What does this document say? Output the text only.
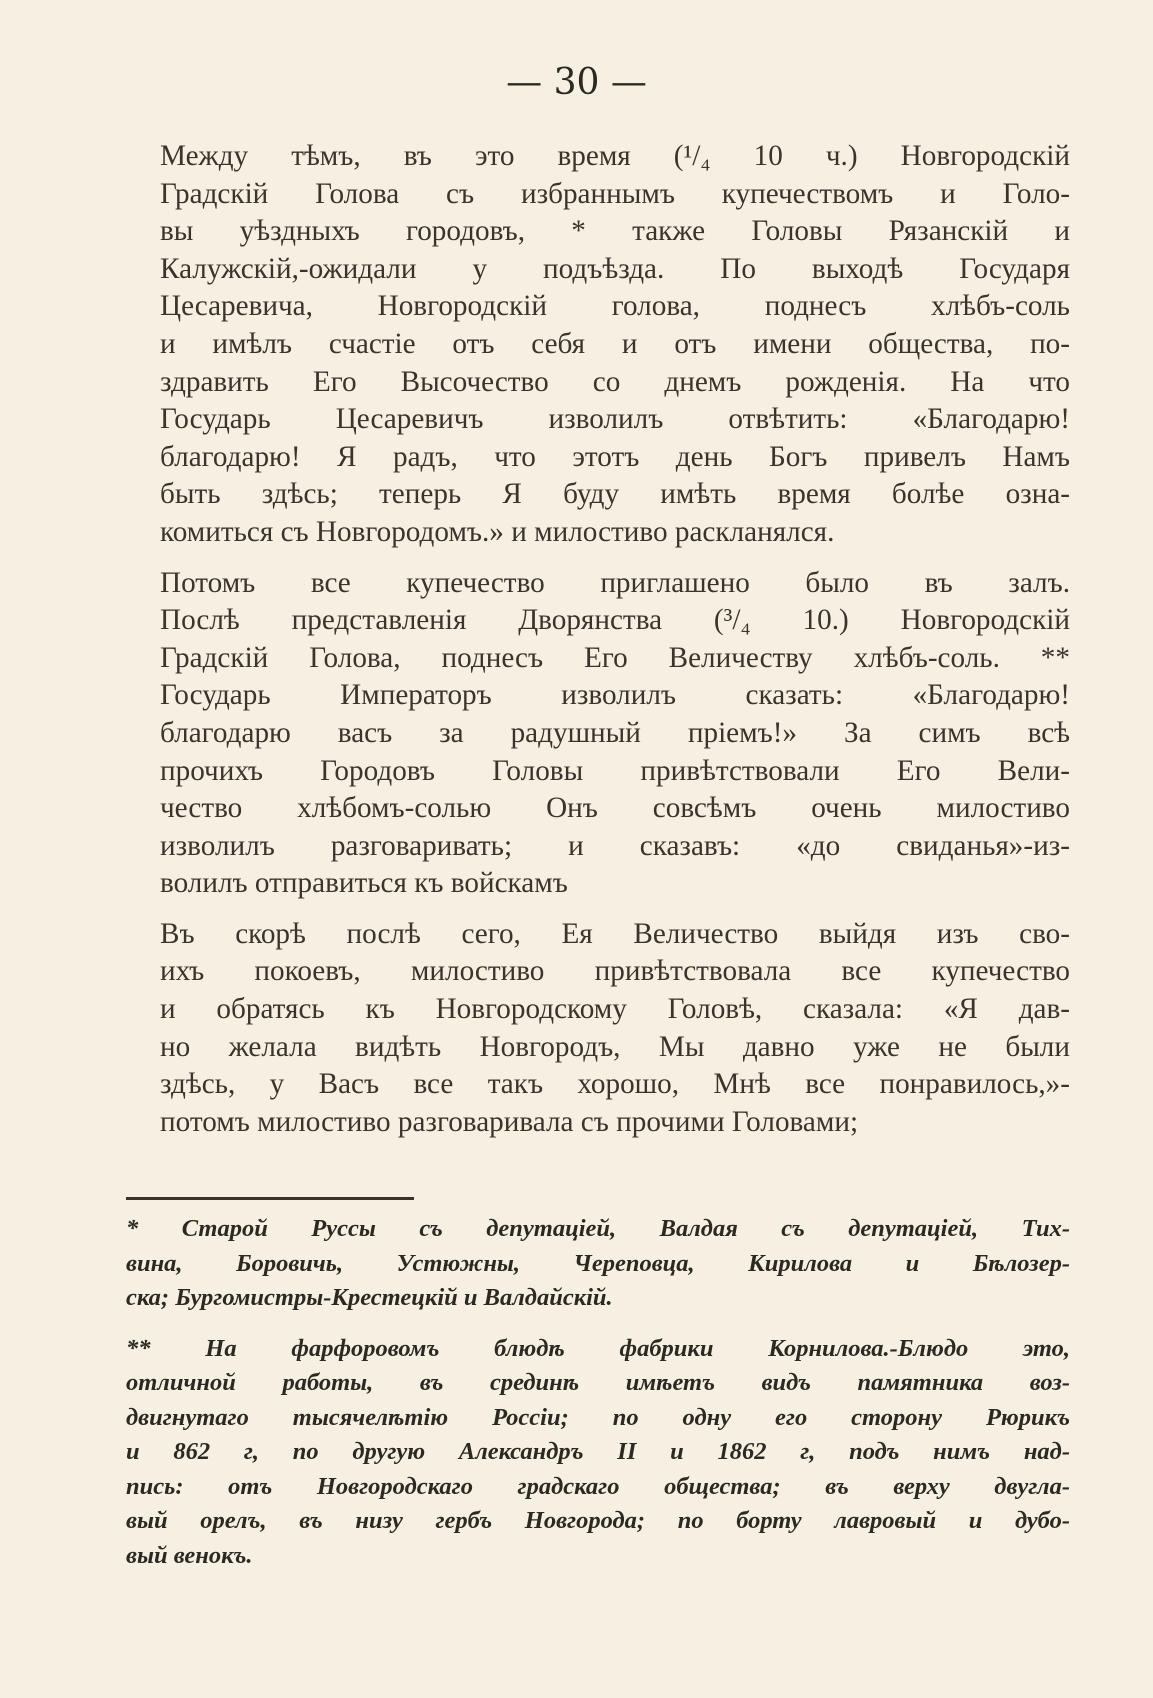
— 30 —

Между тѣмъ, въ это время (¹/₄ 10 ч.) Новгородскій
Градскій Голова съ избраннымъ купечествомъ и Голо-
вы уѣздныхъ городовъ, * также Головы Рязанскій и
Калужскій,-ожидали у подъѣзда. По выходѣ Государя
Цесаревича, Новгородскій голова, поднесъ хлѣбъ-соль
и имѣлъ счастіе отъ себя и отъ имени общества, по-
здравить Его Высочество со днемъ рожденія. На что
Государь Цесаревичъ изволилъ отвѣтить: «Благодарю!
благодарю! Я радъ, что этотъ день Богъ привелъ Намъ
быть здѣсь; теперь Я буду имѣть время болѣе озна-
комиться съ Новгородомъ.» и милостиво раскланялся.

Потомъ все купечество приглашено было въ залъ.
Послѣ представленія Дворянства (³/₄ 10.) Новгородскій
Градскій Голова, поднесъ Его Величеству хлѣбъ-соль. **
Государь Императоръ изволилъ сказать: «Благодарю!
благодарю васъ за радушный пріемъ!» За симъ всѣ
прочихъ Городовъ Головы привѣтствовали Его Вели-
чество хлѣбомъ-солью Онъ совсѣмъ очень милостиво
изволилъ разговаривать; и сказавъ: «до свиданья»-из-
волилъ отправиться къ войскамъ

Въ скорѣ послѣ сего, Ея Величество выйдя изъ сво-
ихъ покоевъ, милостиво привѣтствовала все купечество
и обратясь къ Новгородскому Головѣ, сказала: «Я дав-
но желала видѣть Новгородъ, Мы давно уже не были
здѣсь, у Васъ все такъ хорошо, Мнѣ все понравилось,»-
потомъ милостиво разговаривала съ прочими Головами;

* Старой Руссы съ депутаціей, Валдая съ депутаціей, Тих-
вина, Боровичь, Устюжны, Череповца, Кирилова и Бѣлозер-
ска; Бургомистры-Крестецкій и Валдайскій.

** На фарфоровомъ блюдѣ фабрики Корнилова.-Блюдо это,
отличной работы, въ срединѣ имѣетъ видъ памятника воз-
двигнутаго тысячелѣтію Россіи; по одну его сторону Рюрикъ
и 862 г, по другую Александръ II и 1862 г, подъ нимъ над-
пись: отъ Новгородскаго градскаго общества; въ верху двугла-
вый орелъ, въ низу гербъ Новгорода; по борту лавровый и дубо-
вый венокъ.
